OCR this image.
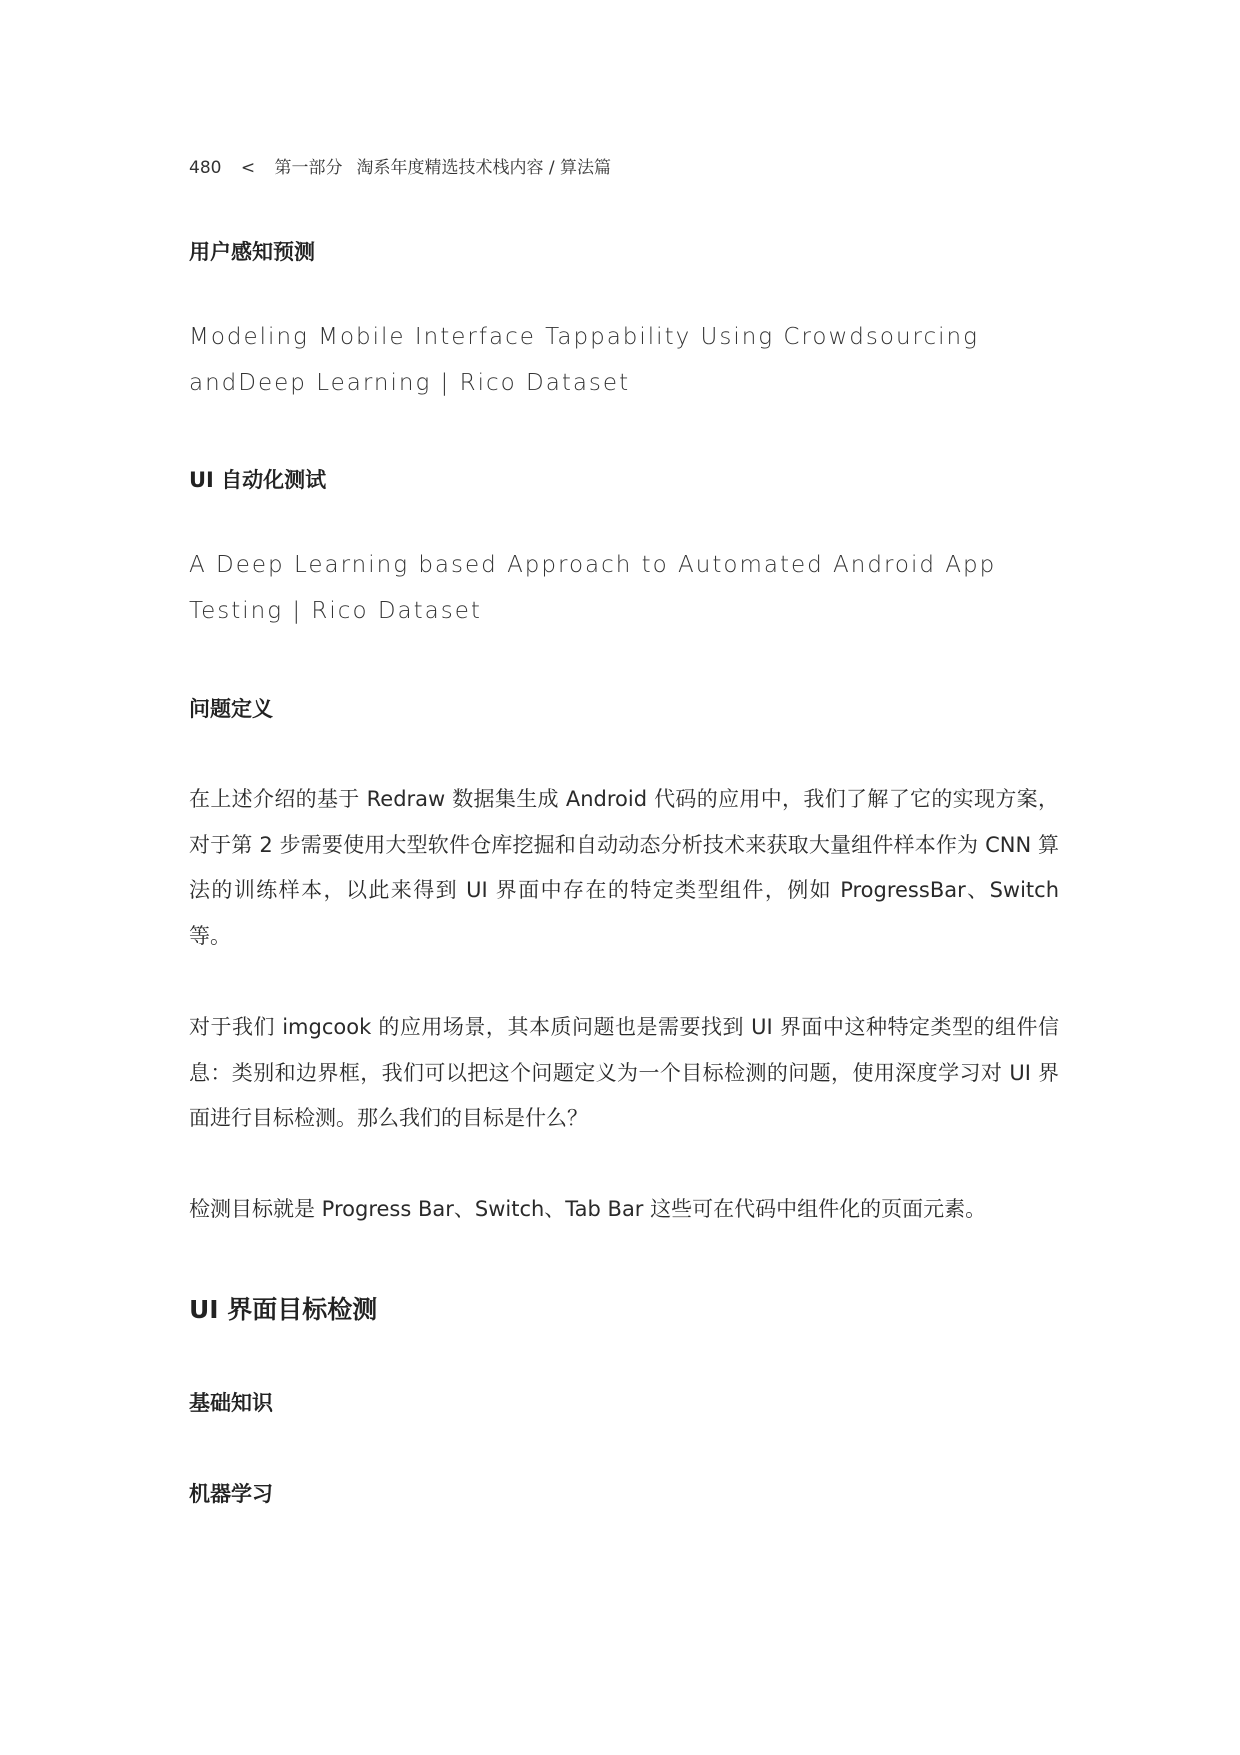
480 < 第一部分 淘系年度精选技术栈内容 / 算法篇
用户感知预测
Modeling Mobile Interface Tappability Using Crowdsourcing andDeep Learning | Rico Dataset
UI 自动化测试
A Deep Learning based Approach to Automated Android App Testing | Rico Dataset
问题定义
在上述介绍的基于 Redraw 数据集生成 Android 代码的应用中，我们了解了它的实现方案， 对于第 2 步需要使用大型软件仓库挖掘和自动动态分析技术来获取大量组件样本作为 CNN 算法的训练样本，以此来得到 UI 界面中存在的特定类型组件，例如 ProgressBar、Switch 等。
对于我们 imgcook 的应用场景，其本质问题也是需要找到 UI 界面中这种特定类型的组件信息：类别和边界框，我们可以把这个问题定义为一个目标检测的问题，使用深度学习对 UI 界面进行目标检测。那么我们的目标是什么？
检测目标就是 Progress Bar、Switch、Tab Bar 这些可在代码中组件化的页面元素。
UI 界面目标检测
基础知识
机器学习
